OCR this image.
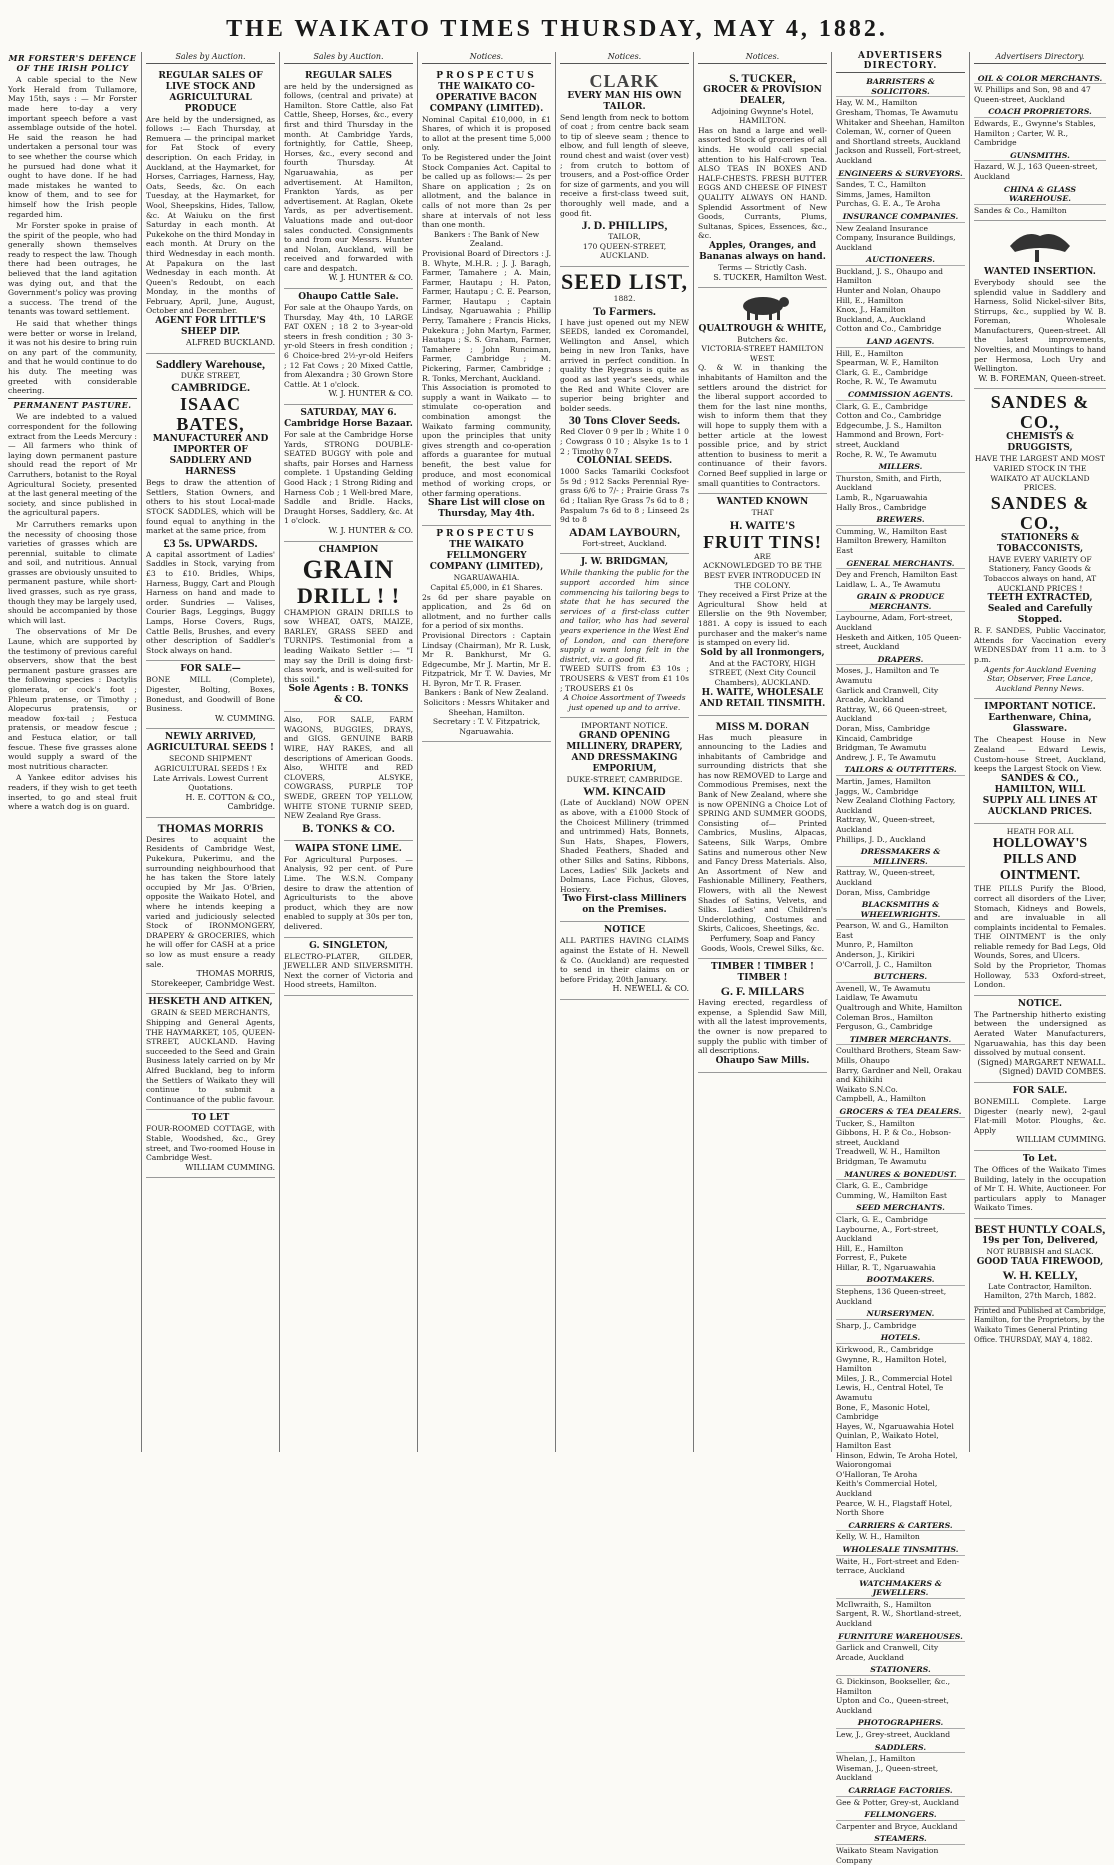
THE WAIKATO TIMES THURSDAY, MAY 4, 1882.
MR FORSTER'S DEFENCE OF THE IRISH POLICY

A cable special to the New York Herald from Tullamore, May 15th, says : — Mr Forster made here to-day a very important speech before a vast assemblage outside of the hotel. He said the reason he had undertaken a personal tour was to see whether the course which he pursued had done what it ought to have done. If he had made mistakes he wanted to know of them, and to see for himself how the Irish people regarded him.

Mr Forster spoke in praise of the spirit of the people, who had generally shown themselves ready to respect the law. Though there had been outrages, he believed that the land agitation was dying out, and that the Government's policy was proving a success. The trend of the tenants was toward settlement.

He said that whether things were better or worse in Ireland, it was not his desire to bring ruin on any part of the community, and that he would continue to do his duty. The meeting was greeted with considerable cheering.

PERMANENT PASTURE.

We are indebted to a valued correspondent for the following extract from the Leeds Mercury : — All farmers who think of laying down permanent pasture should read the report of Mr Carruthers, botanist to the Royal Agricultural Society, presented at the last general meeting of the society, and since published in the agricultural papers.

Mr Carruthers remarks upon the necessity of choosing those varieties of grasses which are perennial, suitable to climate and soil, and nutritious. Annual grasses are obviously unsuited to permanent pasture, while short-lived grasses, such as rye grass, though they may be largely used, should be accompanied by those which will last.

The observations of Mr De Laune, which are supported by the testimony of previous careful observers, show that the best permanent pasture grasses are the following species : Dactylis glomerata, or cock's foot ; Phleum pratense, or Timothy ; Alopecurus pratensis, or meadow fox-tail ; Festuca pratensis, or meadow fescue ; and Festuca elatior, or tall fescue. These five grasses alone would supply a sward of the most nutritious character.

A Yankee editor advises his readers, if they wish to get teeth inserted, to go and steal fruit where a watch dog is on guard.

Sales by Auction.
REGULAR SALES OF LIVE STOCK AND AGRICULTURAL PRODUCE
Are held by the undersigned, as follows :— Each Thursday, at Remuera — the principal market for Fat Stock of every description. On each Friday, in Auckland, at the Haymarket, for Horses, Carriages, Harness, Hay, Oats, Seeds, &c. On each Tuesday, at the Haymarket, for Wool, Sheepskins, Hides, Tallow, &c. At Waiuku on the first Saturday in each month. At Pukekohe on the third Monday in each month. At Drury on the third Wednesday in each month. At Papakura on the last Wednesday in each month. At Queen's Redoubt, on each Monday, in the months of February, April, June, August, October and December.
AGENT FOR LITTLE'S SHEEP DIP.
ALFRED BUCKLAND.
Saddlery Warehouse,
DUKE STREET,
CAMBRIDGE.
ISAAC BATES,
MANUFACTURER AND IMPORTER OF SADDLERY AND HARNESS
Begs to draw the attention of Settlers, Station Owners, and others to his stout Local-made STOCK SADDLES, which will be found equal to anything in the market at the same price, from
£3 5s. UPWARDS.
A capital assortment of Ladies' Saddles in Stock, varying from £3 to £10. Bridles, Whips, Harness, Buggy, Cart and Plough Harness on hand and made to order. Sundries — Valises, Courier Bags, Leggings, Buggy Lamps, Horse Covers, Rugs, Cattle Bells, Brushes, and every other description of Saddler's Stock always on hand.
FOR SALE—
BONE MILL (Complete), Digester, Bolting, Boxes, Bonedust, and Goodwill of Bone Business.
W. CUMMING.
NEWLY ARRIVED, AGRICULTURAL SEEDS !
SECOND SHIPMENT AGRICULTURAL SEEDS ! Ex Late Arrivals. Lowest Current Quotations.
H. E. COTTON & CO., Cambridge.
THOMAS MORRIS
Desires to acquaint the Residents of Cambridge West, Pukekura, Pukerimu, and the surrounding neighbourhood that he has taken the Store lately occupied by Mr Jas. O'Brien, opposite the Waikato Hotel, and where he intends keeping a varied and judiciously selected Stock of IRONMONGERY, DRAPERY & GROCERIES, which he will offer for CASH at a price so low as must ensure a ready sale.
THOMAS MORRIS, Storekeeper, Cambridge West.
HESKETH AND AITKEN,
GRAIN & SEED MERCHANTS,
Shipping and General Agents, THE HAYMARKET, 105, QUEEN-STREET, AUCKLAND. Having succeeded to the Seed and Grain Business lately carried on by Mr Alfred Buckland, beg to inform the Settlers of Waikato they will continue to submit a Continuance of the public favour.
TO LET
FOUR-ROOMED COTTAGE, with Stable, Woodshed, &c., Grey street, and Two-roomed House in Cambridge West.
WILLIAM CUMMING.
Sales by Auction.
REGULAR SALES
are held by the undersigned as follows, (central and private) at Hamilton. Store Cattle, also Fat Cattle, Sheep, Horses, &c., every first and third Thursday in the month. At Cambridge Yards, fortnightly, for Cattle, Sheep, Horses, &c., every second and fourth Thursday. At Ngaruawahia, as per advertisement. At Hamilton, Frankton Yards, as per advertisement. At Raglan, Okete Yards, as per advertisement. Valuations made and out-door sales conducted. Consignments to and from our Messrs. Hunter and Nolan, Auckland, will be received and forwarded with care and despatch.
W. J. HUNTER & CO.
Ohaupo Cattle Sale.
For sale at the Ohaupo Yards, on Thursday, May 4th, 10 LARGE FAT OXEN ; 18 2 to 3-year-old steers in fresh condition ; 30 3-yr-old Steers in fresh condition ; 6 Choice-bred 2½-yr-old Heifers ; 12 Fat Cows ; 20 Mixed Cattle, from Alexandra ; 30 Grown Store Cattle. At 1 o'clock.
W. J. HUNTER & CO.
SATURDAY, MAY 6.
Cambridge Horse Bazaar.
For sale at the Cambridge Horse Yards, STRONG DOUBLE-SEATED BUGGY with pole and shafts, pair Horses and Harness complete. 1 Upstanding Gelding Good Hack ; 1 Strong Riding and Harness Cob ; 1 Well-bred Mare, Saddle and Bridle. Hacks, Draught Horses, Saddlery, &c. At 1 o'clock.
W. J. HUNTER & CO.
CHAMPION
GRAIN
DRILL ! !
CHAMPION GRAIN DRILLS to sow WHEAT, OATS, MAIZE, BARLEY, GRASS SEED and TURNIPS. Testimonial from a leading Waikato Settler :— "I may say the Drill is doing first-class work, and is well-suited for this soil."
Sole Agents : B. TONKS & CO.
Also, FOR SALE, FARM WAGONS, BUGGIES, DRAYS, and GIGS. GENUINE BARB WIRE, HAY RAKES, and all descriptions of American Goods. Also, WHITE and RED CLOVERS, ALSYKE, COWGRASS, PURPLE TOP SWEDE, GREEN TOP YELLOW, WHITE STONE TURNIP SEED, NEW Zealand Rye Grass.
B. TONKS & CO.
WAIPA STONE LIME.
For Agricultural Purposes. — Analysis, 92 per cent. of Pure Lime. The W.S.N. Company desire to draw the attention of Agriculturists to the above product, which they are now enabled to supply at 30s per ton, delivered.
G. SINGLETON,
ELECTRO-PLATER, GILDER, JEWELLER AND SILVERSMITH. Next the corner of Victoria and Hood streets, Hamilton.
Notices.
PROSPECTUS
THE WAIKATO CO-OPERATIVE BACON COMPANY (LIMITED).
Nominal Capital £10,000, in £1 Shares, of which it is proposed to allot at the present time 5,000 only.
To be Registered under the Joint Stock Companies Act. Capital to be called up as follows:— 2s per Share on application ; 2s on allotment, and the balance in calls of not more than 2s per share at intervals of not less than one month.
Bankers : The Bank of New Zealand.
Provisional Board of Directors : J. B. Whyte, M.H.R. ; J. J. Baragh, Farmer, Tamahere ; A. Main, Farmer, Hautapu ; H. Paton, Farmer, Hautapu ; C. E. Pearson, Farmer, Hautapu ; Captain Lindsay, Ngaruawahia ; Phillip Perry, Tamahere ; Francis Hicks, Pukekura ; John Martyn, Farmer, Hautapu ; S. S. Graham, Farmer, Tamahere ; John Runciman, Farmer, Cambridge ; M. Pickering, Farmer, Cambridge ; R. Tonks, Merchant, Auckland.
This Association is promoted to supply a want in Waikato — to stimulate co-operation and combination amongst the Waikato farming community, upon the principles that unity gives strength and co-operation affords a guarantee for mutual benefit, the best value for produce, and most economical method of working crops, or other farming operations.
Share List will close on Thursday, May 4th.
PROSPECTUS
THE WAIKATO FELLMONGERY COMPANY (LIMITED),
NGARUAWAHIA.
Capital £5,000, in £1 Shares.
2s 6d per share payable on application, and 2s 6d on allotment, and no further calls for a period of six months.
Provisional Directors : Captain Lindsay (Chairman), Mr R. Lusk, Mr R. Bankhurst, Mr G. Edgecumbe, Mr J. Martin, Mr E. Fitzpatrick, Mr T. W. Davies, Mr H. Byron, Mr T. R. Fraser.
Bankers : Bank of New Zealand.
Solicitors : Messrs Whitaker and Sheehan, Hamilton.
Secretary : T. V. Fitzpatrick, Ngaruawahia.
Notices.
CLARK
EVERY MAN HIS OWN TAILOR.
Send length from neck to bottom of coat ; from centre back seam to tip of sleeve seam ; thence to elbow, and full length of sleeve, round chest and waist (over vest) ; from crutch to bottom of trousers, and a Post-office Order for size of garments, and you will receive a first-class tweed suit, thoroughly well made, and a good fit.
J. D. PHILLIPS,
TAILOR,
170 QUEEN-STREET, AUCKLAND.
SEED LIST,
1882.
To Farmers.
I have just opened out my NEW SEEDS, landed ex Coromandel, Wellington and Ansel, which being in new Iron Tanks, have arrived in perfect condition. In quality the Ryegrass is quite as good as last year's seeds, while the Red and White Clover are superior being brighter and bolder seeds.
30 Tons Clover Seeds.
Red Clover 0 9 per lb ; White 1 0 ; Cowgrass 0 10 ; Alsyke 1s to 1 2 ; Timothy 0 7
COLONIAL SEEDS.
1000 Sacks Tamariki Cocksfoot 5s 9d ; 912 Sacks Perennial Rye-grass 6/6 to 7/- ; Prairie Grass 7s 6d ; Italian Rye Grass 7s 6d to 8 ; Paspalum 7s 6d to 8 ; Linseed 2s 9d to 8
ADAM LAYBOURN,
Fort-street, Auckland.
J. W. BRIDGMAN,
While thanking the public for the support accorded him since commencing his tailoring begs to state that he has secured the services of a first-class cutter and tailor, who has had several years experience in the West End of London, and can therefore supply a want long felt in the district, viz. a good fit.
TWEED SUITS from £3 10s ; TROUSERS & VEST from £1 10s ; TROUSERS £1 0s
A Choice Assortment of Tweeds just opened up and to arrive.
IMPORTANT NOTICE.
GRAND OPENING
MILLINERY, DRAPERY, AND DRESSMAKING EMPORIUM,
DUKE-STREET, CAMBRIDGE.
WM. KINCAID
(Late of Auckland) NOW OPEN as above, with a £1000 Stock of the Choicest Millinery (trimmed and untrimmed) Hats, Bonnets, Sun Hats, Shapes, Flowers, Shaded Feathers, Shaded and other Silks and Satins, Ribbons, Laces, Ladies' Silk Jackets and Dolmans, Lace Fichus, Gloves, Hosiery.
Two First-class Milliners on the Premises.
NOTICE
ALL PARTIES HAVING CLAIMS against the Estate of H. Newell & Co. (Auckland) are requested to send in their claims on or before Friday, 20th January.
H. NEWELL & CO.
Notices.
S. TUCKER,
GROCER & PROVISION DEALER,
Adjoining Gwynne's Hotel, HAMILTON.
Has on hand a large and well-assorted Stock of groceries of all kinds. He would call special attention to his Half-crown Tea. ALSO TEAS IN BOXES AND HALF-CHESTS. FRESH BUTTER EGGS AND CHEESE OF FINEST QUALITY ALWAYS ON HAND. Splendid Assortment of New Goods, Currants, Plums, Sultanas, Spices, Essences, &c., &c.
Apples, Oranges, and Bananas always on hand.
Terms — Strictly Cash.
S. TUCKER, Hamilton West.
QUALTROUGH & WHITE,
Butchers &c.
VICTORIA-STREET HAMILTON WEST.
Q. & W. in thanking the inhabitants of Hamilton and the settlers around the district for the liberal support accorded to them for the last nine months, wish to inform them that they will hope to supply them with a better article at the lowest possible price, and by strict attention to business to merit a continuance of their favors. Corned Beef supplied in large or small quantities to Contractors.
WANTED KNOWN
THAT
H. WAITE'S
FRUIT TINS!
ARE
ACKNOWLEDGED TO BE THE BEST EVER INTRODUCED IN THE COLONY.
They received a First Prize at the Agricultural Show held at Ellerslie on the 9th November, 1881. A copy is issued to each purchaser and the maker's name is stamped on every lid.
Sold by all Ironmongers,
And at the FACTORY, HIGH STREET, (Next City Council Chambers), AUCKLAND.
H. WAITE, WHOLESALE AND RETAIL TINSMITH.
MISS M. DORAN
Has much pleasure in announcing to the Ladies and inhabitants of Cambridge and surrounding districts that she has now REMOVED to Large and Commodious Premises, next the Bank of New Zealand, where she is now OPENING a Choice Lot of SPRING AND SUMMER GOODS, Consisting of— Printed Cambrics, Muslins, Alpacas, Sateens, Silk Warps, Ombre Satins and numerous other New and Fancy Dress Materials. Also, An Assortment of New and Fashionable Millinery, Feathers, Flowers, with all the Newest Shades of Satins, Velvets, and Silks. Ladies' and Children's Underclothing, Costumes and Skirts, Calicoes, Sheetings, &c.
Perfumery, Soap and Fancy Goods, Wools, Crewel Silks, &c.
TIMBER ! TIMBER ! TIMBER !
G. F. MILLARS
Having erected, regardless of expense, a Splendid Saw Mill, with all the latest improvements, the owner is now prepared to supply the public with timber of all descriptions.
Ohaupo Saw Mills.
ADVERTISERS DIRECTORY.
BARRISTERS & SOLICITORS.
Hay, W. M., Hamilton
Gresham, Thomas, Te Awamutu
Whitaker and Sheehan, Hamilton
Coleman, W., corner of Queen and Shortland streets, Auckland
Jackson and Russell, Fort-street, Auckland
ENGINEERS & SURVEYORS.
Sandes, T. C., Hamilton
Simms, James, Hamilton
Purchas, G. E. A., Te Aroha
INSURANCE COMPANIES.
New Zealand Insurance Company, Insurance Buildings, Auckland
AUCTIONEERS.
Buckland, J. S., Ohaupo and Hamilton
Hunter and Nolan, Ohaupo
Hill, E., Hamilton
Knox, J., Hamilton
Buckland, A., Auckland
Cotton and Co., Cambridge
LAND AGENTS.
Hill, E., Hamilton
Spearman, W. F., Hamilton
Clark, G. E., Cambridge
Roche, R. W., Te Awamutu
COMMISSION AGENTS.
Clark, G. E., Cambridge
Cotton and Co., Cambridge
Edgecumbe, J. S., Hamilton
Hammond and Brown, Fort-street, Auckland
Roche, R. W., Te Awamutu
MILLERS.
Thurston, Smith, and Firth, Auckland
Lamb, R., Ngaruawahia
Hally Bros., Cambridge
BREWERS.
Cumming, W., Hamilton East
Hamilton Brewery, Hamilton East
GENERAL MERCHANTS.
Dey and French, Hamilton East
Laidlaw, L. A., Te Awamutu
GRAIN & PRODUCE MERCHANTS.
Laybourne, Adam, Fort-street, Auckland
Hesketh and Aitken, 105 Queen-street, Auckland
DRAPERS.
Moses, J., Hamilton and Te Awamutu
Garlick and Cranwell, City Arcade, Auckland
Rattray, W., 66 Queen-street, Auckland
Doran, Miss, Cambridge
Kincaid, Cambridge
Bridgman, Te Awamutu
Andrew, J. F., Te Awamutu
TAILORS & OUTFITTERS.
Martin, James, Hamilton
Jaggs, W., Cambridge
New Zealand Clothing Factory, Auckland
Rattray, W., Queen-street, Auckland
Phillips, J. D., Auckland
DRESSMAKERS & MILLINERS.
Rattray, W., Queen-street, Auckland
Doran, Miss, Cambridge
BLACKSMITHS & WHEELWRIGHTS.
Pearson, W. and G., Hamilton East
Munro, P., Hamilton
Anderson, J., Kirikiri
O'Carroll, J. C., Hamilton
BUTCHERS.
Avenell, W., Te Awamutu
Laidlaw, Te Awamutu
Qualtrough and White, Hamilton
Coleman Bros., Hamilton
Ferguson, G., Cambridge
TIMBER MERCHANTS.
Coulthard Brothers, Steam Saw-Mills, Ohaupo
Barry, Gardner and Nell, Orakau and Kihikihi
Waikato S.N.Co.
Campbell, A., Hamilton
GROCERS & TEA DEALERS.
Tucker, S., Hamilton
Gibbons, H. P. & Co., Hobson-street, Auckland
Treadwell, W. H., Hamilton
Bridgman, Te Awamutu
MANURES & BONEDUST.
Clark, G. E., Cambridge
Cumming, W., Hamilton East
SEED MERCHANTS.
Clark, G. E., Cambridge
Laybourne, A., Fort-street, Auckland
Hill, E., Hamilton
Forrest, F., Pukete
Hillar, R. T., Ngaruawahia
BOOTMAKERS.
Stephens, 136 Queen-street, Auckland
NURSERYMEN.
Sharp, J., Cambridge
HOTELS.
Kirkwood, R., Cambridge
Gwynne, R., Hamilton Hotel, Hamilton
Miles, J. R., Commercial Hotel
Lewis, H., Central Hotel, Te Awamutu
Bone, F., Masonic Hotel, Cambridge
Hayes, W., Ngaruawahia Hotel
Quinlan, P., Waikato Hotel, Hamilton East
Hinson, Edwin, Te Aroha Hotel, Waiorongomai
O'Halloran, Te Aroha
Keith's Commercial Hotel, Auckland
Pearce, W. H., Flagstaff Hotel, North Shore
CARRIERS & CARTERS.
Kelly, W. H., Hamilton
WHOLESALE TINSMITHS.
Waite, H., Fort-street and Eden-terrace, Auckland
WATCHMAKERS & JEWELLERS.
McIlwraith, S., Hamilton
Sargent, R. W., Shortland-street, Auckland
FURNITURE WAREHOUSES.
Garlick and Cranwell, City Arcade, Auckland
STATIONERS.
G. Dickinson, Bookseller, &c., Hamilton
Upton and Co., Queen-street, Auckland
PHOTOGRAPHERS.
Lew, J., Grey-street, Auckland
SADDLERS.
Whelan, J., Hamilton
Wiseman, J., Queen-street, Auckland
CARRIAGE FACTORIES.
Gee & Potter, Grey-st, Auckland
FELLMONGERS.
Carpenter and Bryce, Auckland
STEAMERS.
Waikato Steam Navigation Company
Advertisers Directory.
OIL & COLOR MERCHANTS.
W. Phillips and Son, 98 and 47 Queen-street, Auckland
COACH PROPRIETORS.
Edwards, E., Gwynne's Stables, Hamilton ; Carter, W. R., Cambridge
GUNSMITHS.
Hazard, W. J., 163 Queen-street, Auckland
CHINA & GLASS WAREHOUSE.
Sandes & Co., Hamilton
WANTED INSERTION.
Everybody should see the splendid value in Saddlery and Harness, Solid Nickel-silver Bits, Stirrups, &c., supplied by W. B. Foreman, Wholesale Manufacturers, Queen-street. All the latest improvements, Novelties, and Mountings to hand per Hermosa, Loch Ury and Wellington.
W. B. FOREMAN, Queen-street.
SANDES & CO.,
CHEMISTS & DRUGGISTS,
HAVE THE LARGEST AND MOST VARIED STOCK IN THE WAIKATO AT AUCKLAND PRICES.
SANDES & CO.,
STATIONERS & TOBACCONISTS,
HAVE EVERY VARIETY OF Stationery, Fancy Goods & Tobaccos always on hand, AT AUCKLAND PRICES !
TEETH EXTRACTED, Sealed and Carefully Stopped.
R. F. SANDES, Public Vaccinator, Attends for Vaccination every WEDNESDAY from 11 a.m. to 3 p.m.
Agents for Auckland Evening Star, Observer, Free Lance, Auckland Penny News.
IMPORTANT NOTICE.
Earthenware, China, Glassware.
The Cheapest House in New Zealand — Edward Lewis, Custom-house Street, Auckland, keeps the Largest Stock on View.
SANDES & CO., HAMILTON, WILL SUPPLY ALL LINES AT AUCKLAND PRICES.
HEATH FOR ALL
HOLLOWAY'S PILLS AND OINTMENT.
THE PILLS Purify the Blood, correct all disorders of the Liver, Stomach, Kidneys and Bowels, and are invaluable in all complaints incidental to Females. THE OINTMENT is the only reliable remedy for Bad Legs, Old Wounds, Sores, and Ulcers.
Sold by the Proprietor, Thomas Holloway, 533 Oxford-street, London.
NOTICE.
The Partnership hitherto existing between the undersigned as Aerated Water Manufacturers, Ngaruawahia, has this day been dissolved by mutual consent.
(Signed) MARGARET NEWALL. (Signed) DAVID COMBES.
FOR SALE.
BONEMILL Complete. Large Digester (nearly new), 2-gaul Flat-mill Motor. Ploughs, &c. Apply
WILLIAM CUMMING.
To Let.
The Offices of the Waikato Times Building, lately in the occupation of Mr T. H. White, Auctioneer. For particulars apply to Manager Waikato Times.
BEST HUNTLY COALS,
19s per Ton, Delivered,
NOT RUBBISH and SLACK.
GOOD TAUA FIREWOOD,
W. H. KELLY,
Late Contractor, Hamilton. Hamilton, 27th March, 1882.
Printed and Published at Cambridge, Hamilton, for the Proprietors, by the Waikato Times General Printing Office. THURSDAY, MAY 4, 1882.
